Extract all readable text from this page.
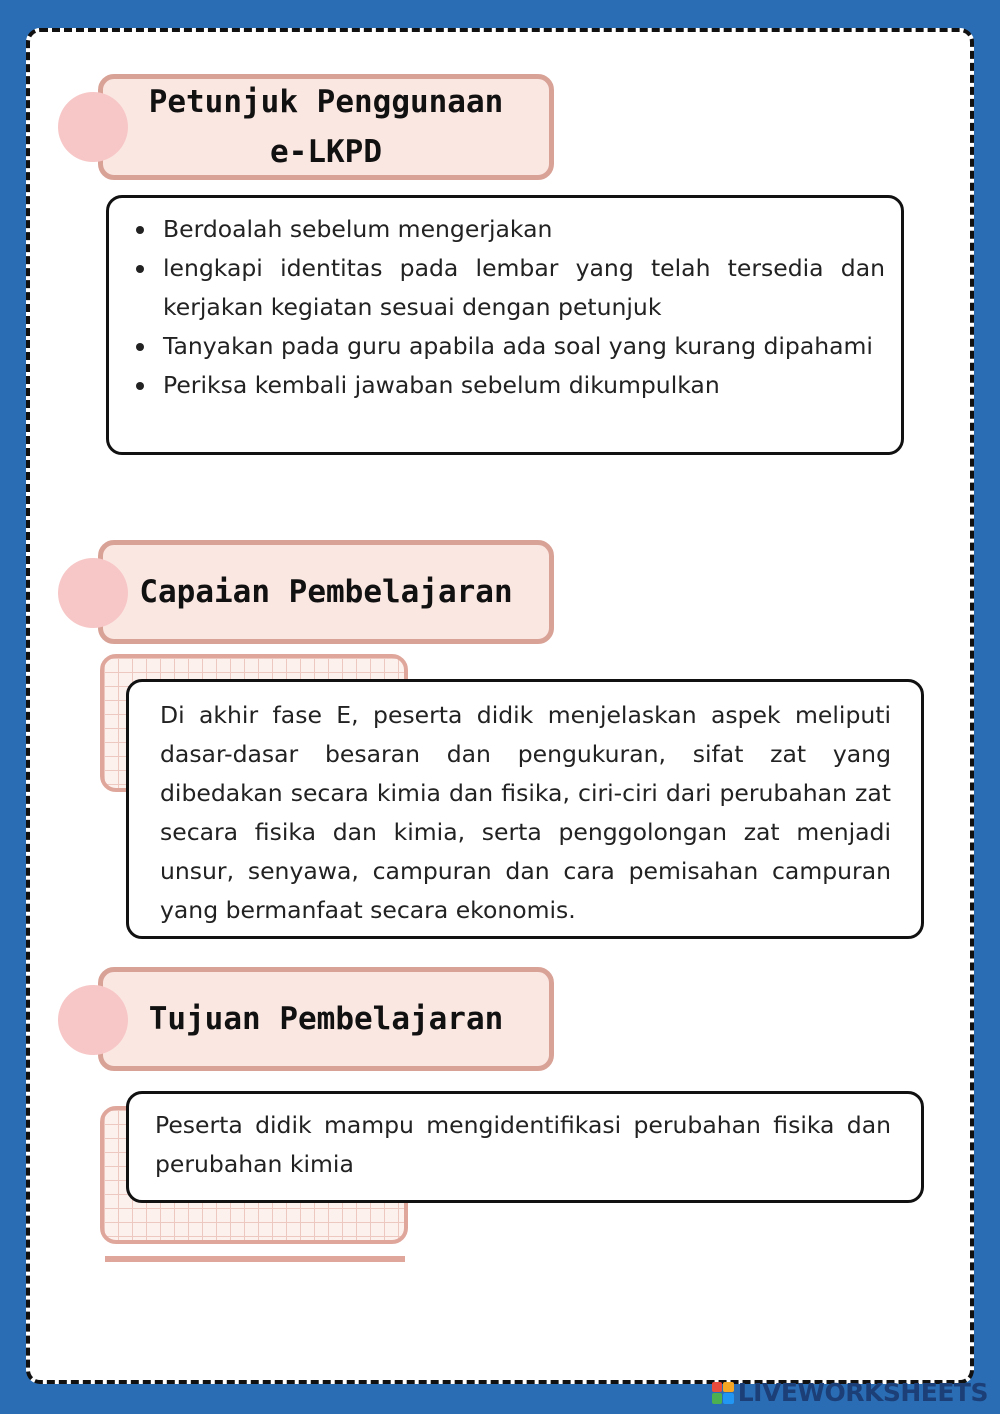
Petunjuk Penggunaan
e-LKPD
Berdoalah sebelum mengerjakan
lengkapi identitas pada lembar yang telah tersedia dan kerjakan kegiatan sesuai dengan petunjuk
Tanyakan pada guru apabila ada soal yang kurang dipahami
Periksa kembali jawaban sebelum dikumpulkan
Capaian Pembelajaran
Di akhir fase E, peserta didik menjelaskan aspek meliputi dasar-dasar besaran dan pengukuran, sifat zat yang dibedakan secara kimia dan fisika, ciri-ciri dari perubahan zat secara fisika dan kimia, serta penggolongan zat menjadi unsur, senyawa, campuran dan cara pemisahan campuran yang bermanfaat secara ekonomis.
Tujuan Pembelajaran
Peserta didik mampu mengidentifikasi perubahan fisika dan perubahan kimia
LIVEWORKSHEETS
